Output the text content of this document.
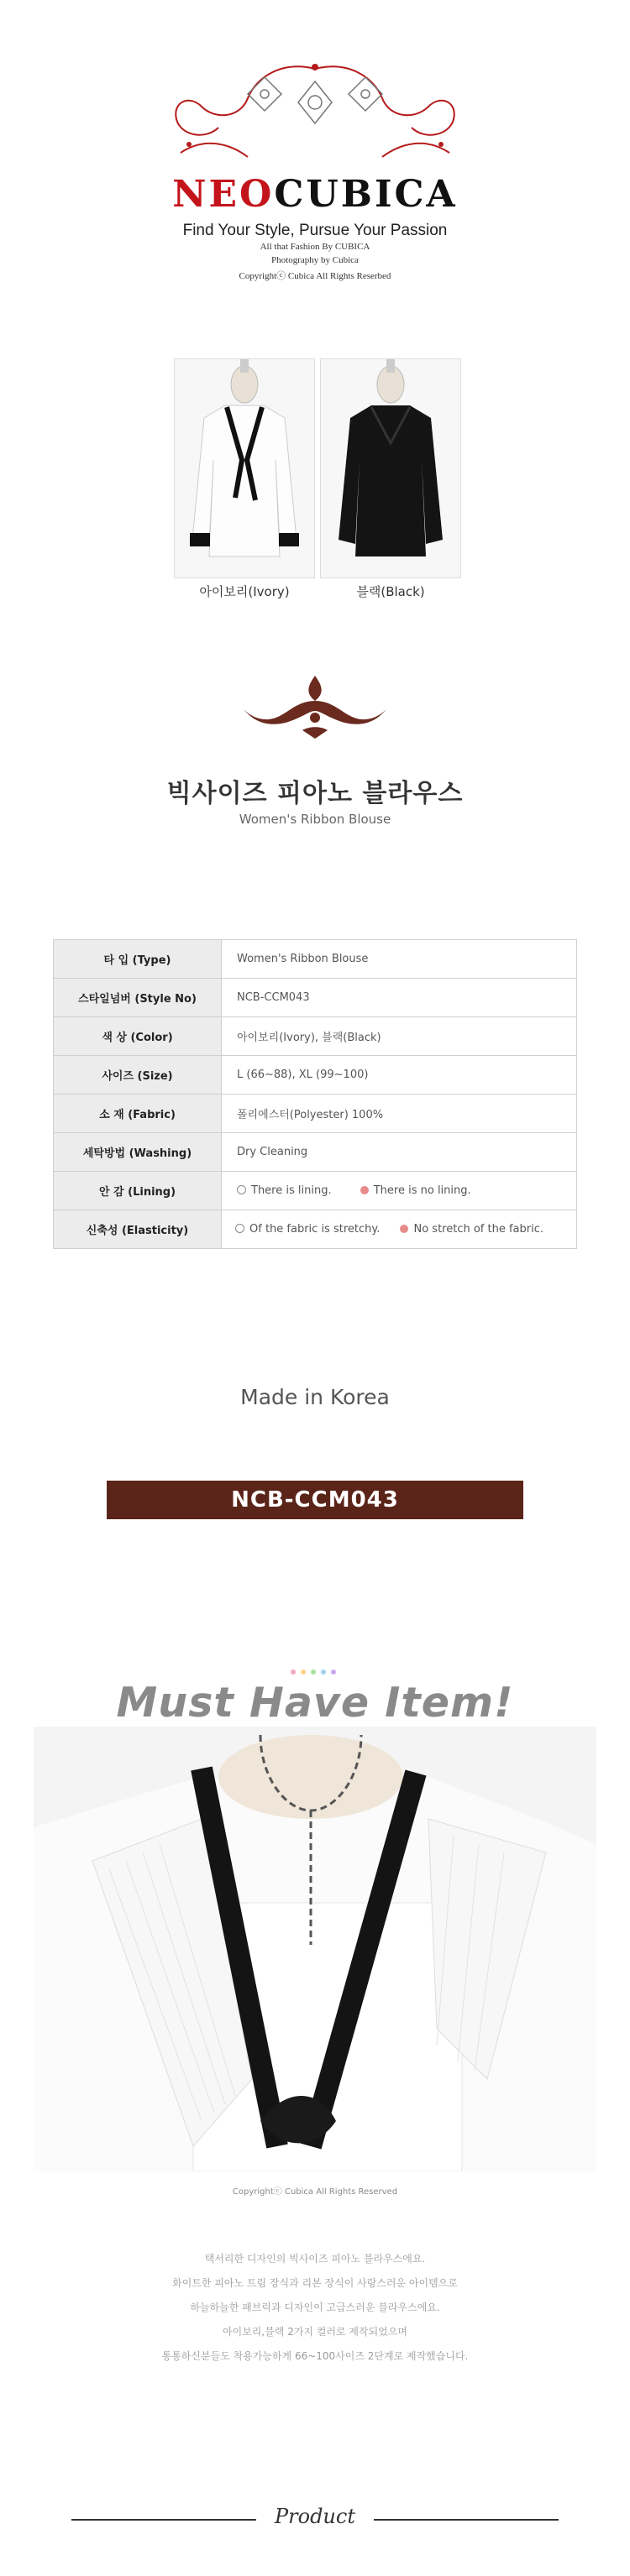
NEOCUBICA
Find Your Style, Pursue Your Passion
All that Fashion By CUBICA
Photography by Cubica
Copyrightⓒ Cubica All Rights Reserbed
아이보리(Ivory)	블랙(Black)
빅사이즈 피아노 블라우스
Women's Ribbon Blouse
타 입 (Type)	Women's Ribbon Blouse
스타일넘버 (Style No)	NCB-CCM043
색 상 (Color)	아이보리(Ivory), 블랙(Black)
사이즈 (Size)	L (66~88), XL (99~100)
소 재 (Fabric)	폴리에스터(Polyester) 100%
세탁방법 (Washing)	Dry Cleaning
안 감 (Lining)	There is lining. There is no lining.
신축성 (Elasticity)	Of the fabric is stretchy. No stretch of the fabric.
Made in Korea
NCB-CCM043
Must Have Item!
Copyrightⓒ Cubica All Rights Reserved
택서리한 디자인의 빅사이즈 피아노 블라우스에요.
화이트한 피아노 트림 장식과 리본 장식이 사랑스러운 아이템으로
하늘하늘한 패브릭과 디자인이 고급스러운 블라우스에요.
아이보리,블랙 2가지 컬러로 제작되었으며
통통하신분들도 착용가능하게 66~100사이즈 2단계로 제작했습니다.
Product
